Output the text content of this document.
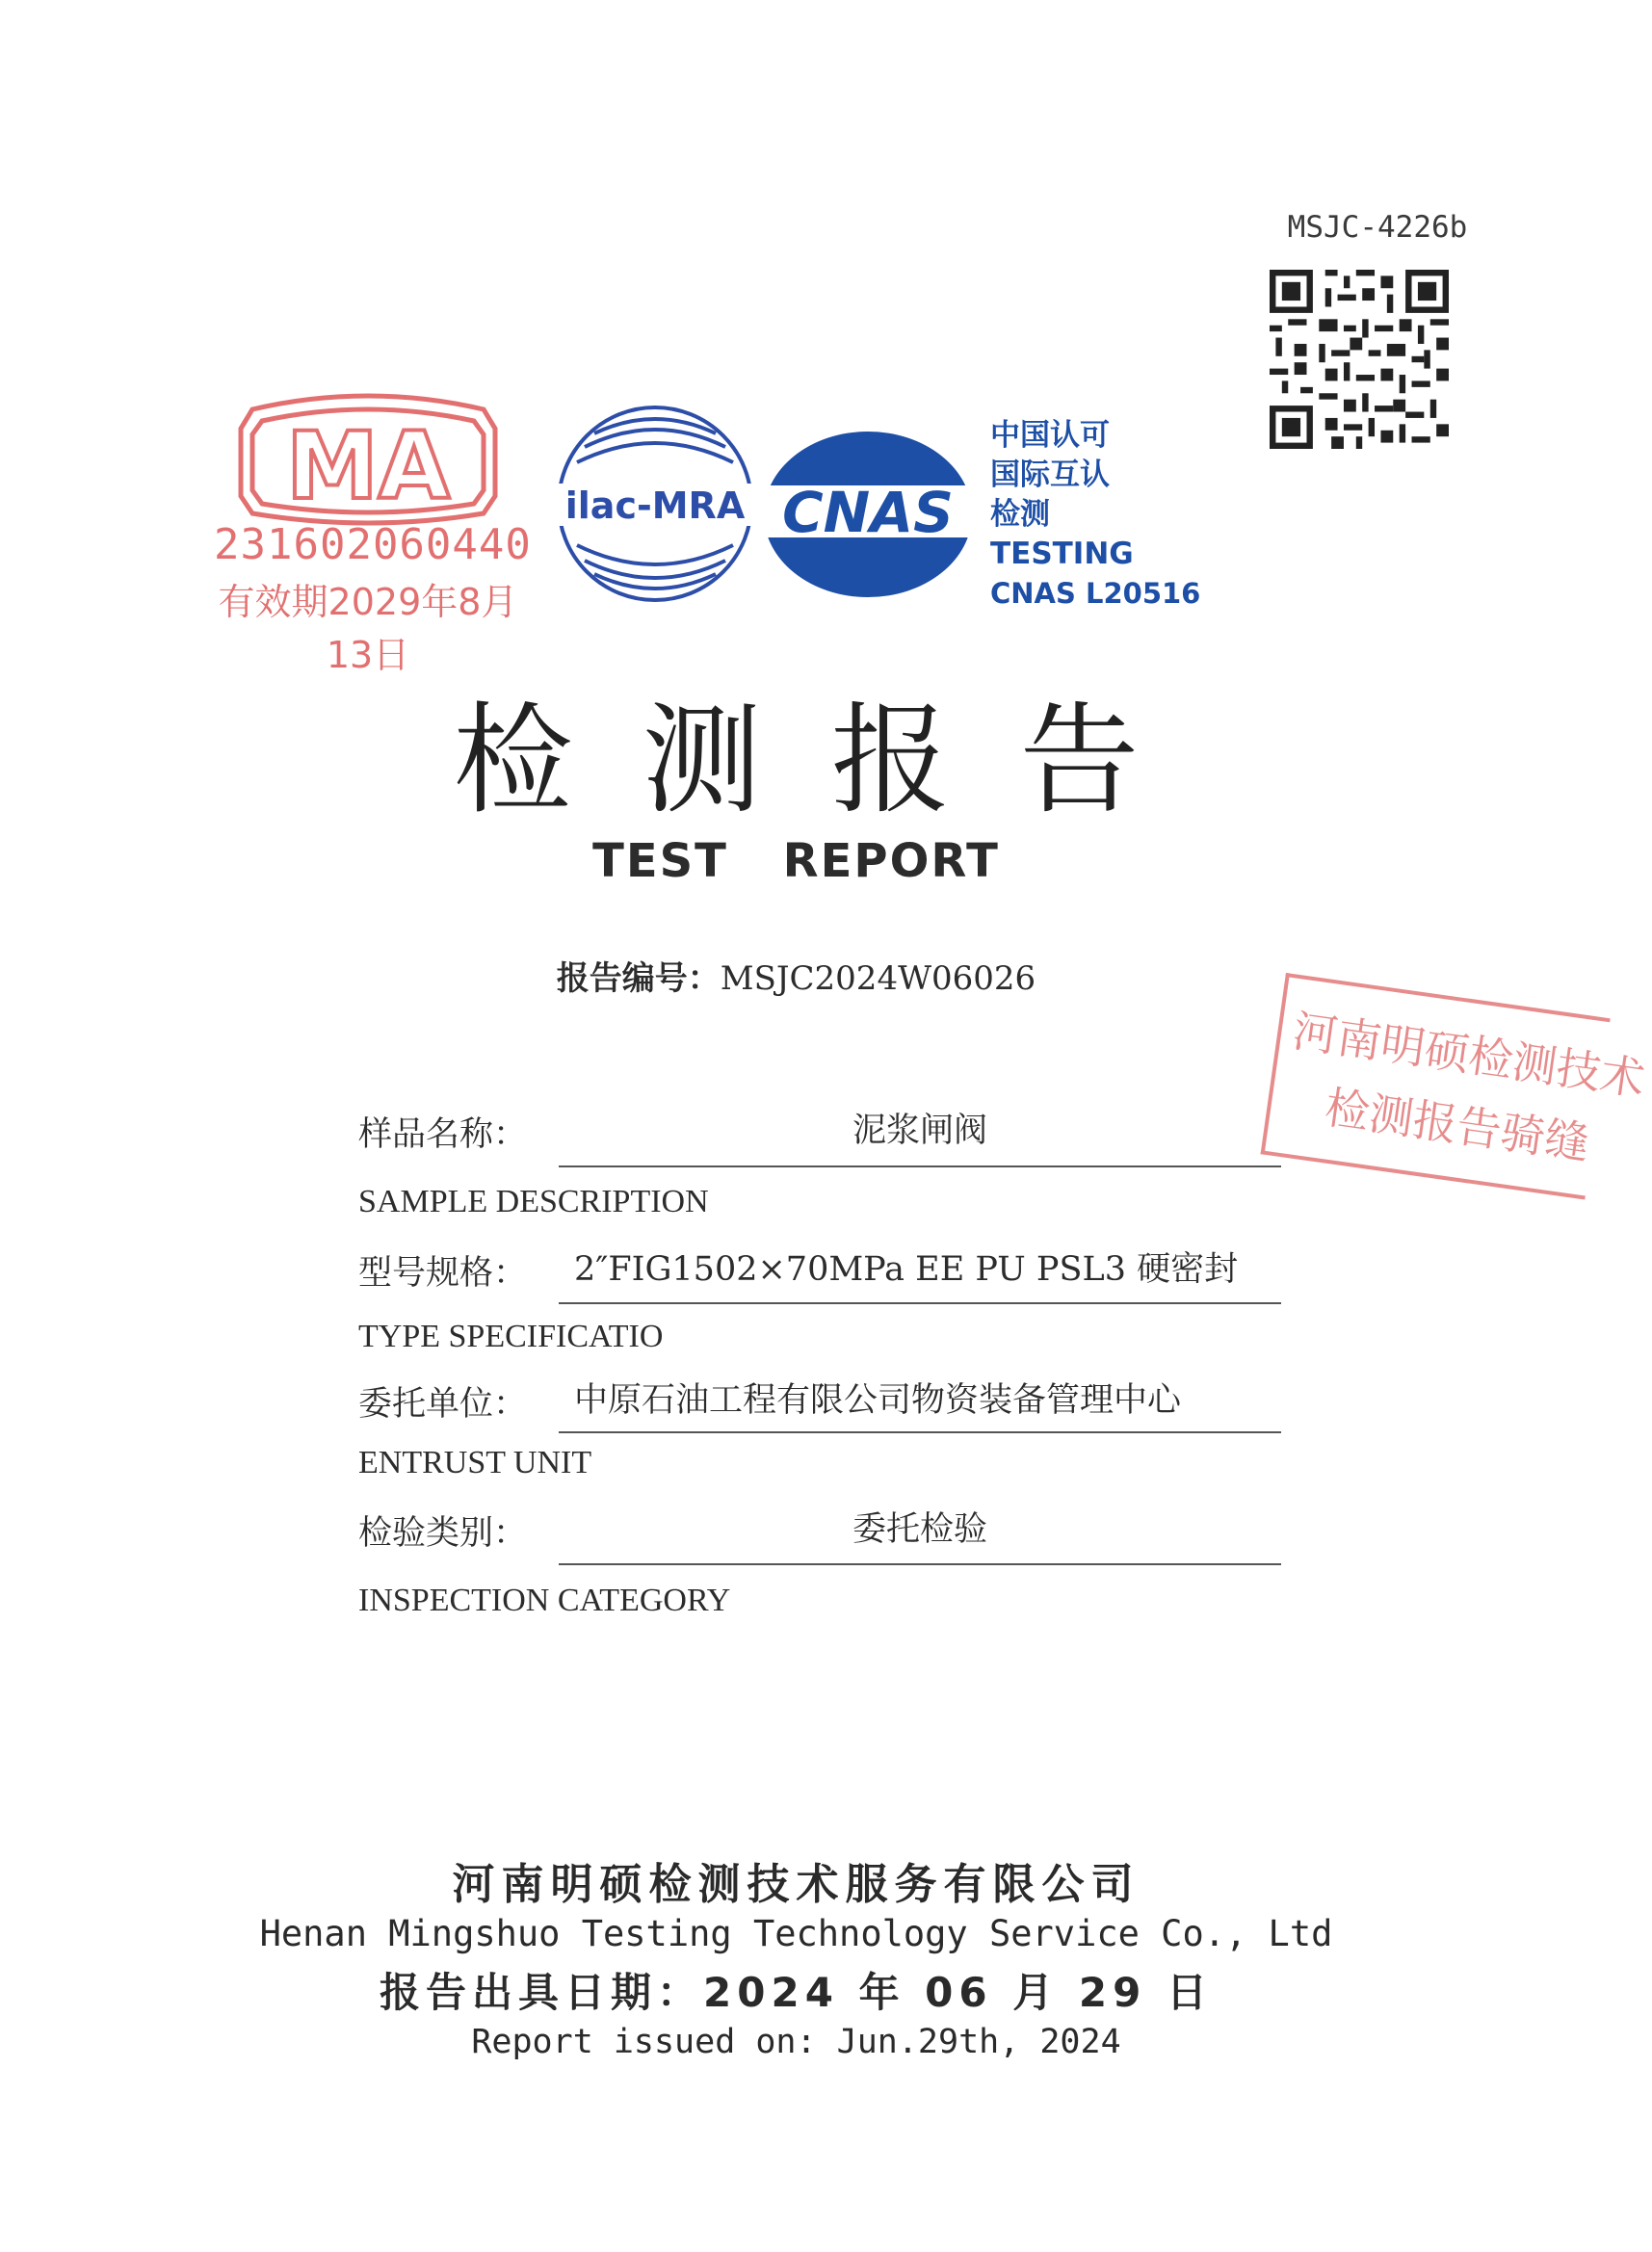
MSJC-4226b
MA
231602060440
有效期2029年8月13日
ilac-MRA CNAS
中国认可
国际互认
检测
TESTING
CNAS L20516
河南明硕检测技术
检测报告骑缝
检测报告
TEST REPORT
报告编号：MSJC2024W06026
样品名称：	泥浆闸阀
SAMPLE DESCRIPTION
型号规格： 2″FIG1502×70MPa EE PU PSL3 硬密封
TYPE SPECIFICATIO
委托单位： 中原石油工程有限公司物资装备管理中心
ENTRUST UNIT
检验类别：	委托检验
INSPECTION CATEGORY
河南明硕检测技术服务有限公司
Henan Mingshuo Testing Technology Service Co., Ltd
报告出具日期：2024 年 06 月 29 日
Report issued on: Jun.29th, 2024
